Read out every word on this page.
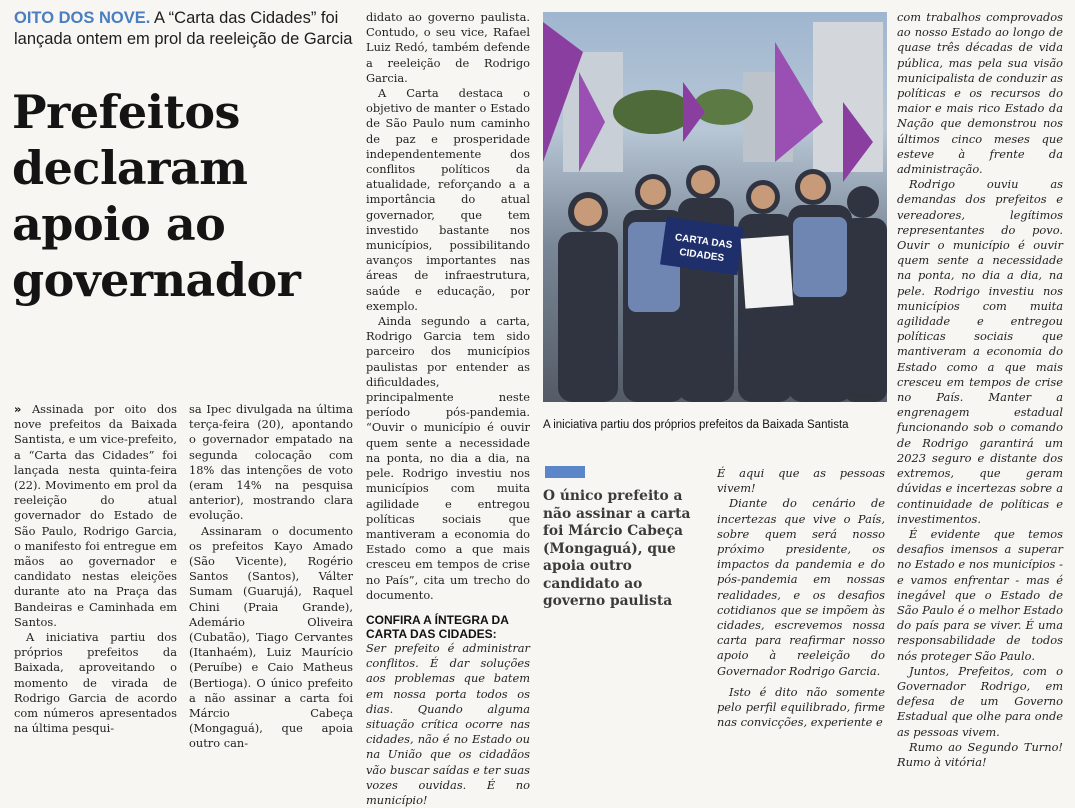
OITO DOS NOVE. A “Carta das Cidades” foi lançada ontem em prol da reeleição de Garcia
Prefeitos
declaram
apoio ao
governador

» Assinada por oito dos nove prefeitos da Baixada Santista, e um vice-prefeito, a “Carta das Cidades” foi lançada nesta quinta-feira (22). Movimento em prol da reeleição do atual governador do Estado de São Paulo, Rodrigo Garcia, o manifesto foi entregue em mãos ao governador e candidato nestas eleições durante ato na Praça das Bandeiras e Caminhada em Santos.

A iniciativa partiu dos próprios prefeitos da Baixada, aproveitando o momento de virada de Rodrigo Garcia de acordo com números apresentados na última pesqui-

sa Ipec divulgada na última terça-feira (20), apontando o governador empatado na segunda colocação com 18% das intenções de voto (eram 14% na pesquisa anterior), mostrando clara evolução.

Assinaram o documento os prefeitos Kayo Amado (São Vicente), Rogério Santos (Santos), Válter Sumam (Guarujá), Raquel Chini (Praia Grande), Ademário Oliveira (Cubatão), Tiago Cervantes (Itanhaém), Luiz Maurício (Peruíbe) e Caio Matheus (Bertioga). O único prefeito a não assinar a carta foi Márcio Cabeça (Mongaguá), que apoia outro can-

didato ao governo paulista. Contudo, o seu vice, Rafael Luiz Redó, também defende a reeleição de Rodrigo Garcia.

A Carta destaca o objetivo de manter o Estado de São Paulo num caminho de paz e prosperidade independentemente dos conflitos políticos da atualidade, reforçando a a importância do atual governador, que tem investido bastante nos municípios, possibilitando avanços importantes nas áreas de infraestrutura, saúde e educação, por exemplo.

Ainda segundo a carta, Rodrigo Garcia tem sido parceiro dos municípios paulistas por entender as dificuldades, principalmente neste período pós-pandemia. “Ouvir o município é ouvir quem sente a necessidade na ponta, no dia a dia, na pele. Rodrigo investiu nos municípios com muita agilidade e entregou políticas sociais que mantiveram a economia do Estado como a que mais cresceu em tempos de crise no País”, cita um trecho do documento.

CONFIRA A ÍNTEGRA DA
CARTA DAS CIDADES:

Ser prefeito é administrar conflitos. É dar soluções aos problemas que batem em nossa porta todos os dias. Quando alguma situação crítica ocorre nas cidades, não é no Estado ou na União que os cidadãos vão buscar saídas e ter suas vozes ouvidas. É no município!

CARTA DAS
CIDADES
Divulgação
A iniciativa partiu dos próprios prefeitos da Baixada Santista
O único prefeito a não assinar a carta foi Márcio Cabeça (Mongaguá), que apoia outro candidato ao governo paulista

É aqui que as pessoas vivem!

Diante do cenário de incertezas que vive o País, sobre quem será nosso próximo presidente, os impactos da pandemia e do pós-pandemia em nossas realidades, e os desafios cotidianos que se impõem às cidades, escrevemos nossa carta para reafirmar nosso apoio à reeleição do Governador Rodrigo Garcia.

Isto é dito não somente pelo perfil equilibrado, firme nas convicções, experiente e

com trabalhos comprovados ao nosso Estado ao longo de quase três décadas de vida pública, mas pela sua visão municipalista de conduzir as políticas e os recursos do maior e mais rico Estado da Nação que demonstrou nos últimos cinco meses que esteve à frente da administração.

Rodrigo ouviu as demandas dos prefeitos e vereadores, legítimos representantes do povo. Ouvir o município é ouvir quem sente a necessidade na ponta, no dia a dia, na pele. Rodrigo investiu nos municípios com muita agilidade e entregou políticas sociais que mantiveram a economia do Estado como a que mais cresceu em tempos de crise no País. Manter a engrenagem estadual funcionando sob o comando de Rodrigo garantirá um 2023 seguro e distante dos extremos, que geram dúvidas e incertezas sobre a continuidade de políticas e investimentos.

É evidente que temos desafios imensos a superar no Estado e nos municípios - e vamos enfrentar - mas é inegável que o Estado de São Paulo é o melhor Estado do país para se viver. É uma responsabilidade de todos nós proteger São Paulo.

Juntos, Prefeitos, com o Governador Rodrigo, em defesa de um Governo Estadual que olhe para onde as pessoas vivem.

Rumo ao Segundo Turno! Rumo à vitória!
